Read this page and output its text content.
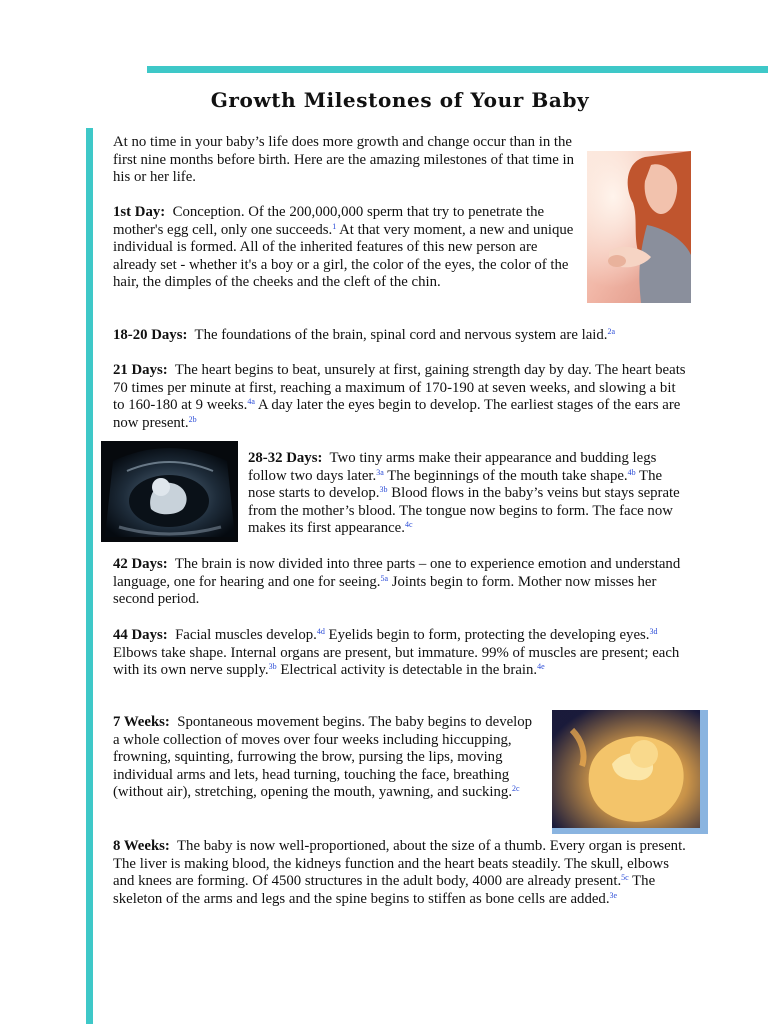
Growth Milestones of Your Baby

At no time in your baby’s life does more growth and change occur than in the first nine months before birth. Here are the amazing milestones of that time in his or her life.

1st Day: Conception. Of the 200,000,000 sperm that try to penetrate the mother's egg cell, only one succeeds.$^1$ At that very moment, a new and unique individual is formed. All of the inherited features of this new person are already set - whether it's a boy or a girl, the color of the eyes, the color of the hair, the dimples of the cheeks and the cleft of the chin.

18-20 Days: The foundations of the brain, spinal cord and nervous system are laid.$^{2a}$

21 Days: The heart begins to beat, unsurely at first, gaining strength day by day. The heart beats 70 times per minute at first, reaching a maximum of 170-190 at seven weeks, and slowing a bit to 160-180 at 9 weeks.$^{4a}$ A day later the eyes begin to develop. The earliest stages of the ears are now present.$^{2b}$

28-32 Days: Two tiny arms make their appearance and budding legs follow two days later.$^{3a}$ The beginnings of the mouth take shape.$^{4b}$ The nose starts to develop.$^{3b}$ Blood flows in the baby’s veins but stays seprate from the mother’s blood. The tongue now begins to form. The face now makes its first appearance.$^{4c}$

42 Days: The brain is now divided into three parts – one to experience emotion and understand language, one for hearing and one for seeing.$^{5a}$ Joints begin to form. Mother now misses her second period.

44 Days: Facial muscles develop.$^{4d}$ Eyelids begin to form, protecting the developing eyes.$^{3d}$ Elbows take shape. Internal organs are present, but immature. 99% of muscles are present; each with its own nerve supply.$^{3b}$ Electrical activity is detectable in the brain.$^{4e}$

7 Weeks: Spontaneous movement begins. The baby begins to develop a whole collection of moves over four weeks including hiccupping, frowning, squinting, furrowing the brow, pursing the lips, moving individual arms and lets, head turning, touching the face, breathing (without air), stretching, opening the mouth, yawning, and sucking.$^{2c}$

8 Weeks: The baby is now well-proportioned, about the size of a thumb. Every organ is present. The liver is making blood, the kidneys function and the heart beats steadily. The skull, elbows and knees are forming. Of 4500 structures in the adult body, 4000 are already present.$^{5c}$ The skeleton of the arms and legs and the spine begins to stiffen as bone cells are added.$^{3e}$
